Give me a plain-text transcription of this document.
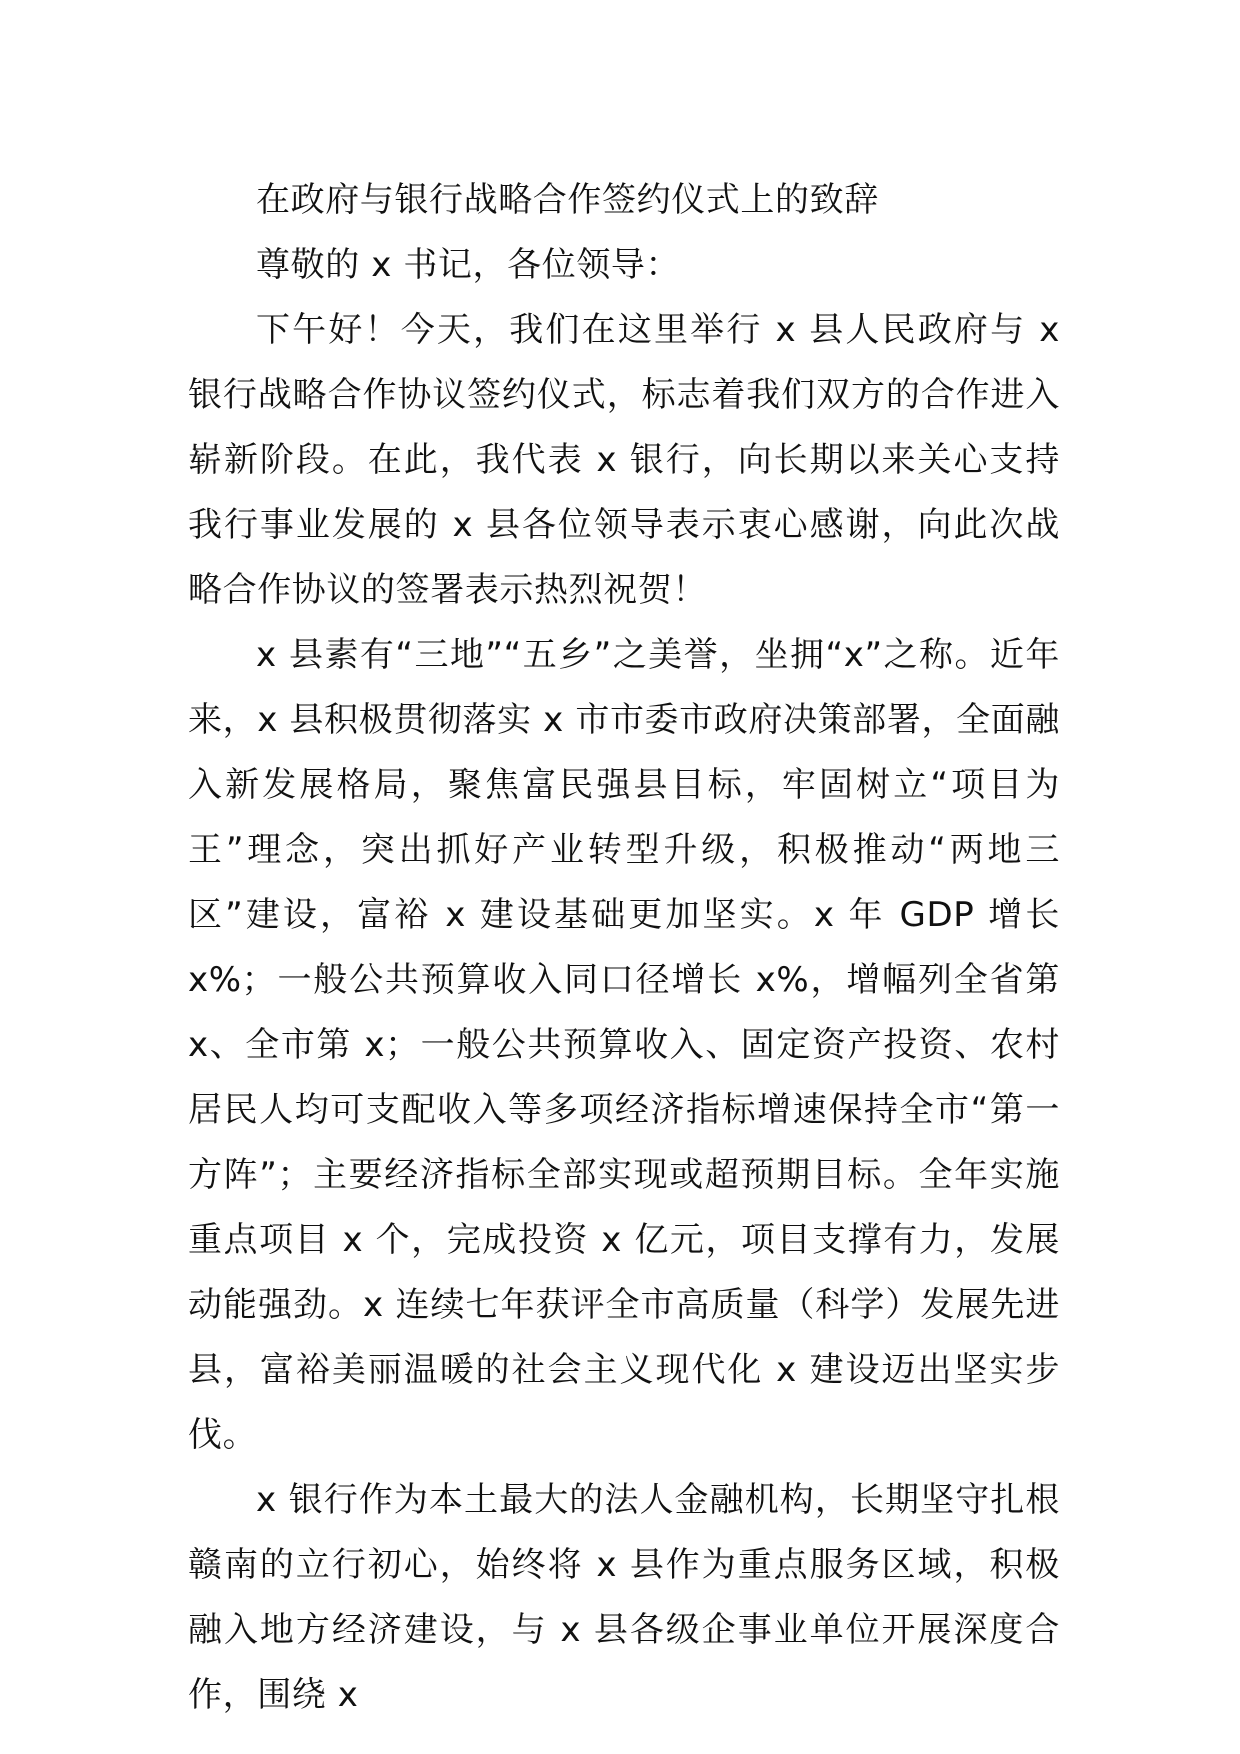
在政府与银行战略合作签约仪式上的致辞

尊敬的 x 书记，各位领导：

下午好！今天，我们在这里举行 x 县人民政府与 x 银行战略合作协议签约仪式，标志着我们双方的合作进入崭新阶段。在此，我代表 x 银行，向长期以来关心支持我行事业发展的 x 县各位领导表示衷心感谢，向此次战略合作协议的签署表示热烈祝贺！

x 县素有“三地”“五乡”之美誉，坐拥“x”之称。近年来，x 县积极贯彻落实 x 市市委市政府决策部署，全面融入新发展格局，聚焦富民强县目标，牢固树立“项目为王”理念，突出抓好产业转型升级，积极推动“两地三区”建设，富裕 x 建设基础更加坚实。x 年 GDP 增长 x%；一般公共预算收入同口径增长 x%，增幅列全省第 x、全市第 x；一般公共预算收入、固定资产投资、农村居民人均可支配收入等多项经济指标增速保持全市“第一方阵”；主要经济指标全部实现或超预期目标。全年实施重点项目 x 个，完成投资 x 亿元，项目支撑有力，发展动能强劲。x 连续七年获评全市高质量（科学）发展先进县，富裕美丽温暖的社会主义现代化 x 建设迈出坚实步伐。

x 银行作为本土最大的法人金融机构，长期坚守扎根赣南的立行初心，始终将 x 县作为重点服务区域，积极融入地方经济建设，与 x 县各级企事业单位开展深度合作，围绕 x
